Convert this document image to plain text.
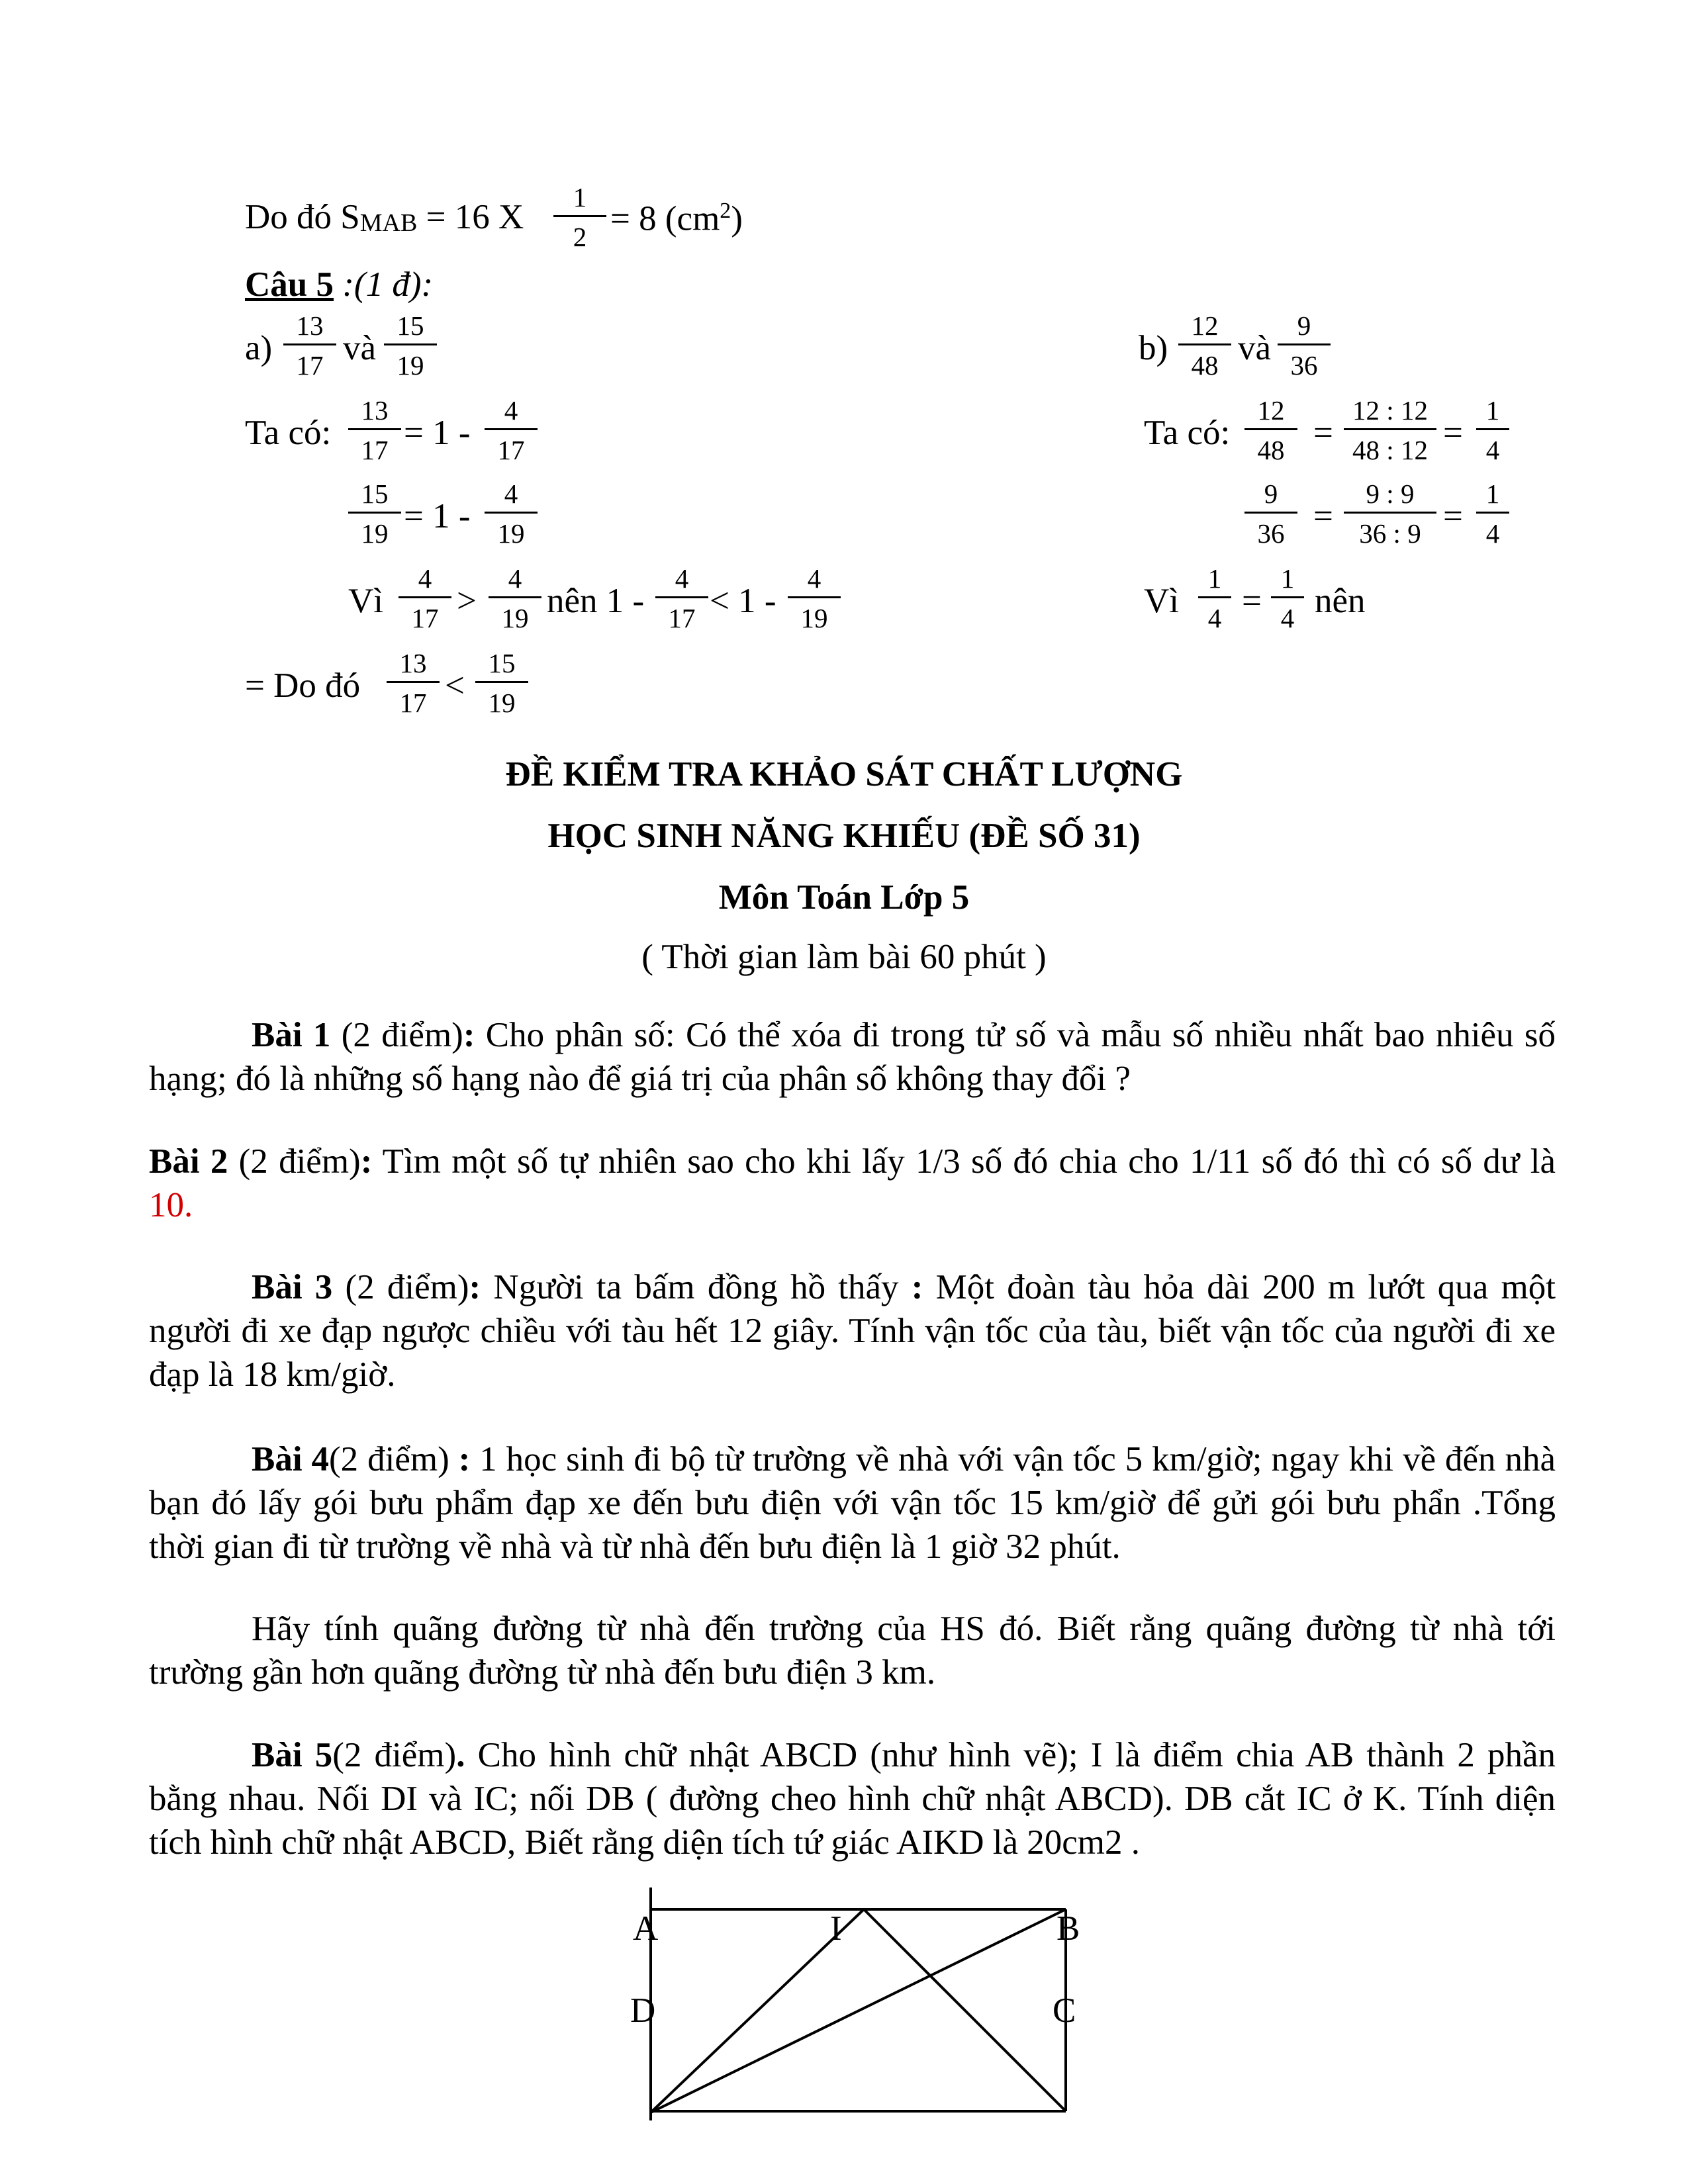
Do đó $S_{MAB} = 16$ X
1
2 = 8 $(cm^2)$
Câu 5 :(1 đ):
a)
13
17 và
15
19
Ta có:
13
17 = 1 -
4
17
15
19 = 1 -
4
19
Vì
4
17 >
4
19 nên 1 -
4
17 < 1 -
4
19
= Do đó
13
17 <
15
19
b)
12
48 và
9
36
Ta có:
12
48 =
12 : 12
48 : 12 =
1
4
9
36 =
9 : 9
36 : 9 =
1
4
Vì
1
4 =
1
4 nên
ĐỀ KIỂM TRA KHẢO SÁT CHẤT LƯỢNG
HỌC SINH NĂNG KHIẾU (ĐỀ SỐ 31)
Môn Toán Lớp 5
( Thời gian làm bài 60 phút )
Bài 1 (2 điểm): Cho phân số: Có thể xóa đi trong tử số và mẫu số nhiều nhất bao nhiêu số hạng; đó là những số hạng nào để giá trị của phân số không thay đổi ?
Bài 2 (2 điểm): Tìm một số tự nhiên sao cho khi lấy 1/3 số đó chia cho 1/11 số đó thì có số dư là 10.
Bài 3 (2 điểm): Người ta bấm đồng hồ thấy : Một đoàn tàu hỏa dài 200 m lướt qua một người đi xe đạp ngược chiều với tàu hết 12 giây. Tính vận tốc của tàu, biết vận tốc của người đi xe đạp là 18 km/giờ.
Bài 4(2 điểm) : 1 học sinh đi bộ từ trường về nhà với vận tốc 5 km/giờ; ngay khi về đến nhà bạn đó lấy gói bưu phẩm đạp xe đến bưu điện với vận tốc 15 km/giờ để gửi gói bưu phẩn .Tổng thời gian đi từ trường về nhà và từ nhà đến bưu điện là 1 giờ 32 phút.
Hãy tính quãng đường từ nhà đến trường của HS đó. Biết rằng quãng đường từ nhà tới trường gần hơn quãng đường từ nhà đến bưu điện 3 km.
Bài 5(2 điểm). Cho hình chữ nhật ABCD (như hình vẽ); I là điểm chia AB thành 2 phần bằng nhau. Nối DI và IC; nối DB ( đường cheo hình chữ nhật ABCD). DB cắt IC ở K. Tính diện tích hình chữ nhật ABCD, Biết rằng diện tích tứ giác AIKD là 20cm2 .
A	I	B
D	C
